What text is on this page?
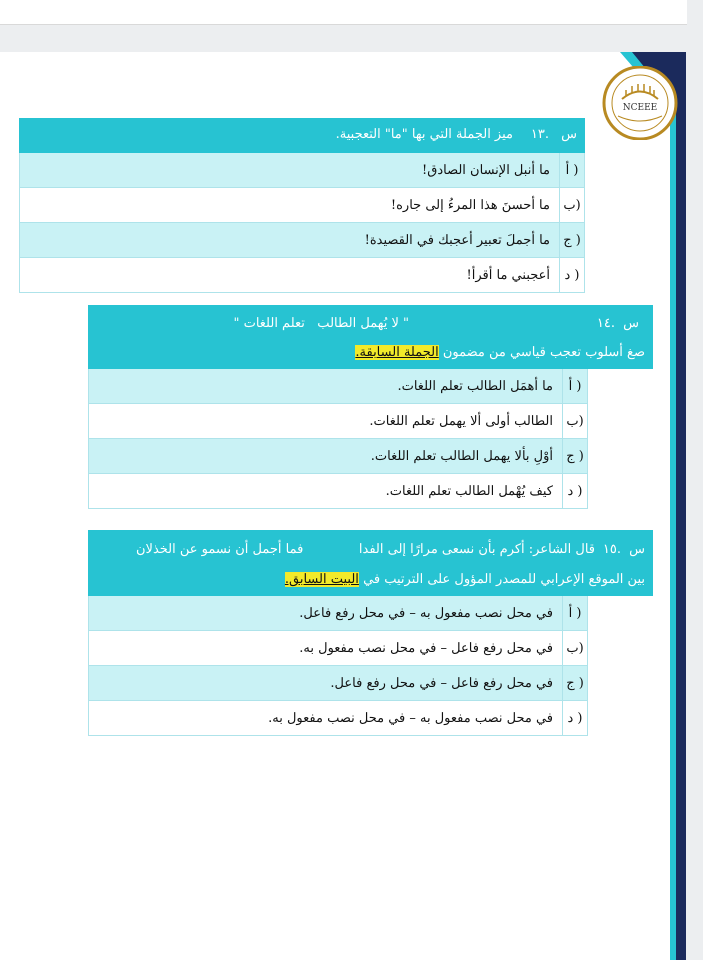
NCEEE
س
١٣.
ميز الجملة التي بها "ما" التعجبية.
أ )
ما أنبل الإنسان الصادق!
ب)
ما أحسنَ هذا المرءُ إلى جاره!
ج )
ما أجملَ تعبير أعجبك في القصيدة!
د )
أعجبني ما أقرأ!
س
١٤.
" لا يُهمل الطالب   تعلم اللغات "
صغ أسلوب تعجب قياسي من مضمون الجملة السابقة.
أ )
ما أهمَل الطالب تعلم اللغات.
ب)
الطالب أولى ألا يهمل تعلم اللغات.
ج )
أوْلِ بألا يهمل الطالب تعلم اللغات.
د )
كيف يُهْمل الطالب تعلم اللغات.
س
١٥.
قال الشاعر: أكرم بأن نسعى مرارًا إلى الفدا
فما أجمل أن نسمو عن الخذلان
بين الموقع الإعرابي للمصدر المؤول على الترتيب في البيت السابق.
أ )
في محل نصب مفعول به – في محل رفع فاعل.
ب)
في محل رفع فاعل – في محل نصب مفعول به.
ج )
في محل رفع فاعل – في محل رفع فاعل.
د )
في محل نصب مفعول به – في محل نصب مفعول به.
